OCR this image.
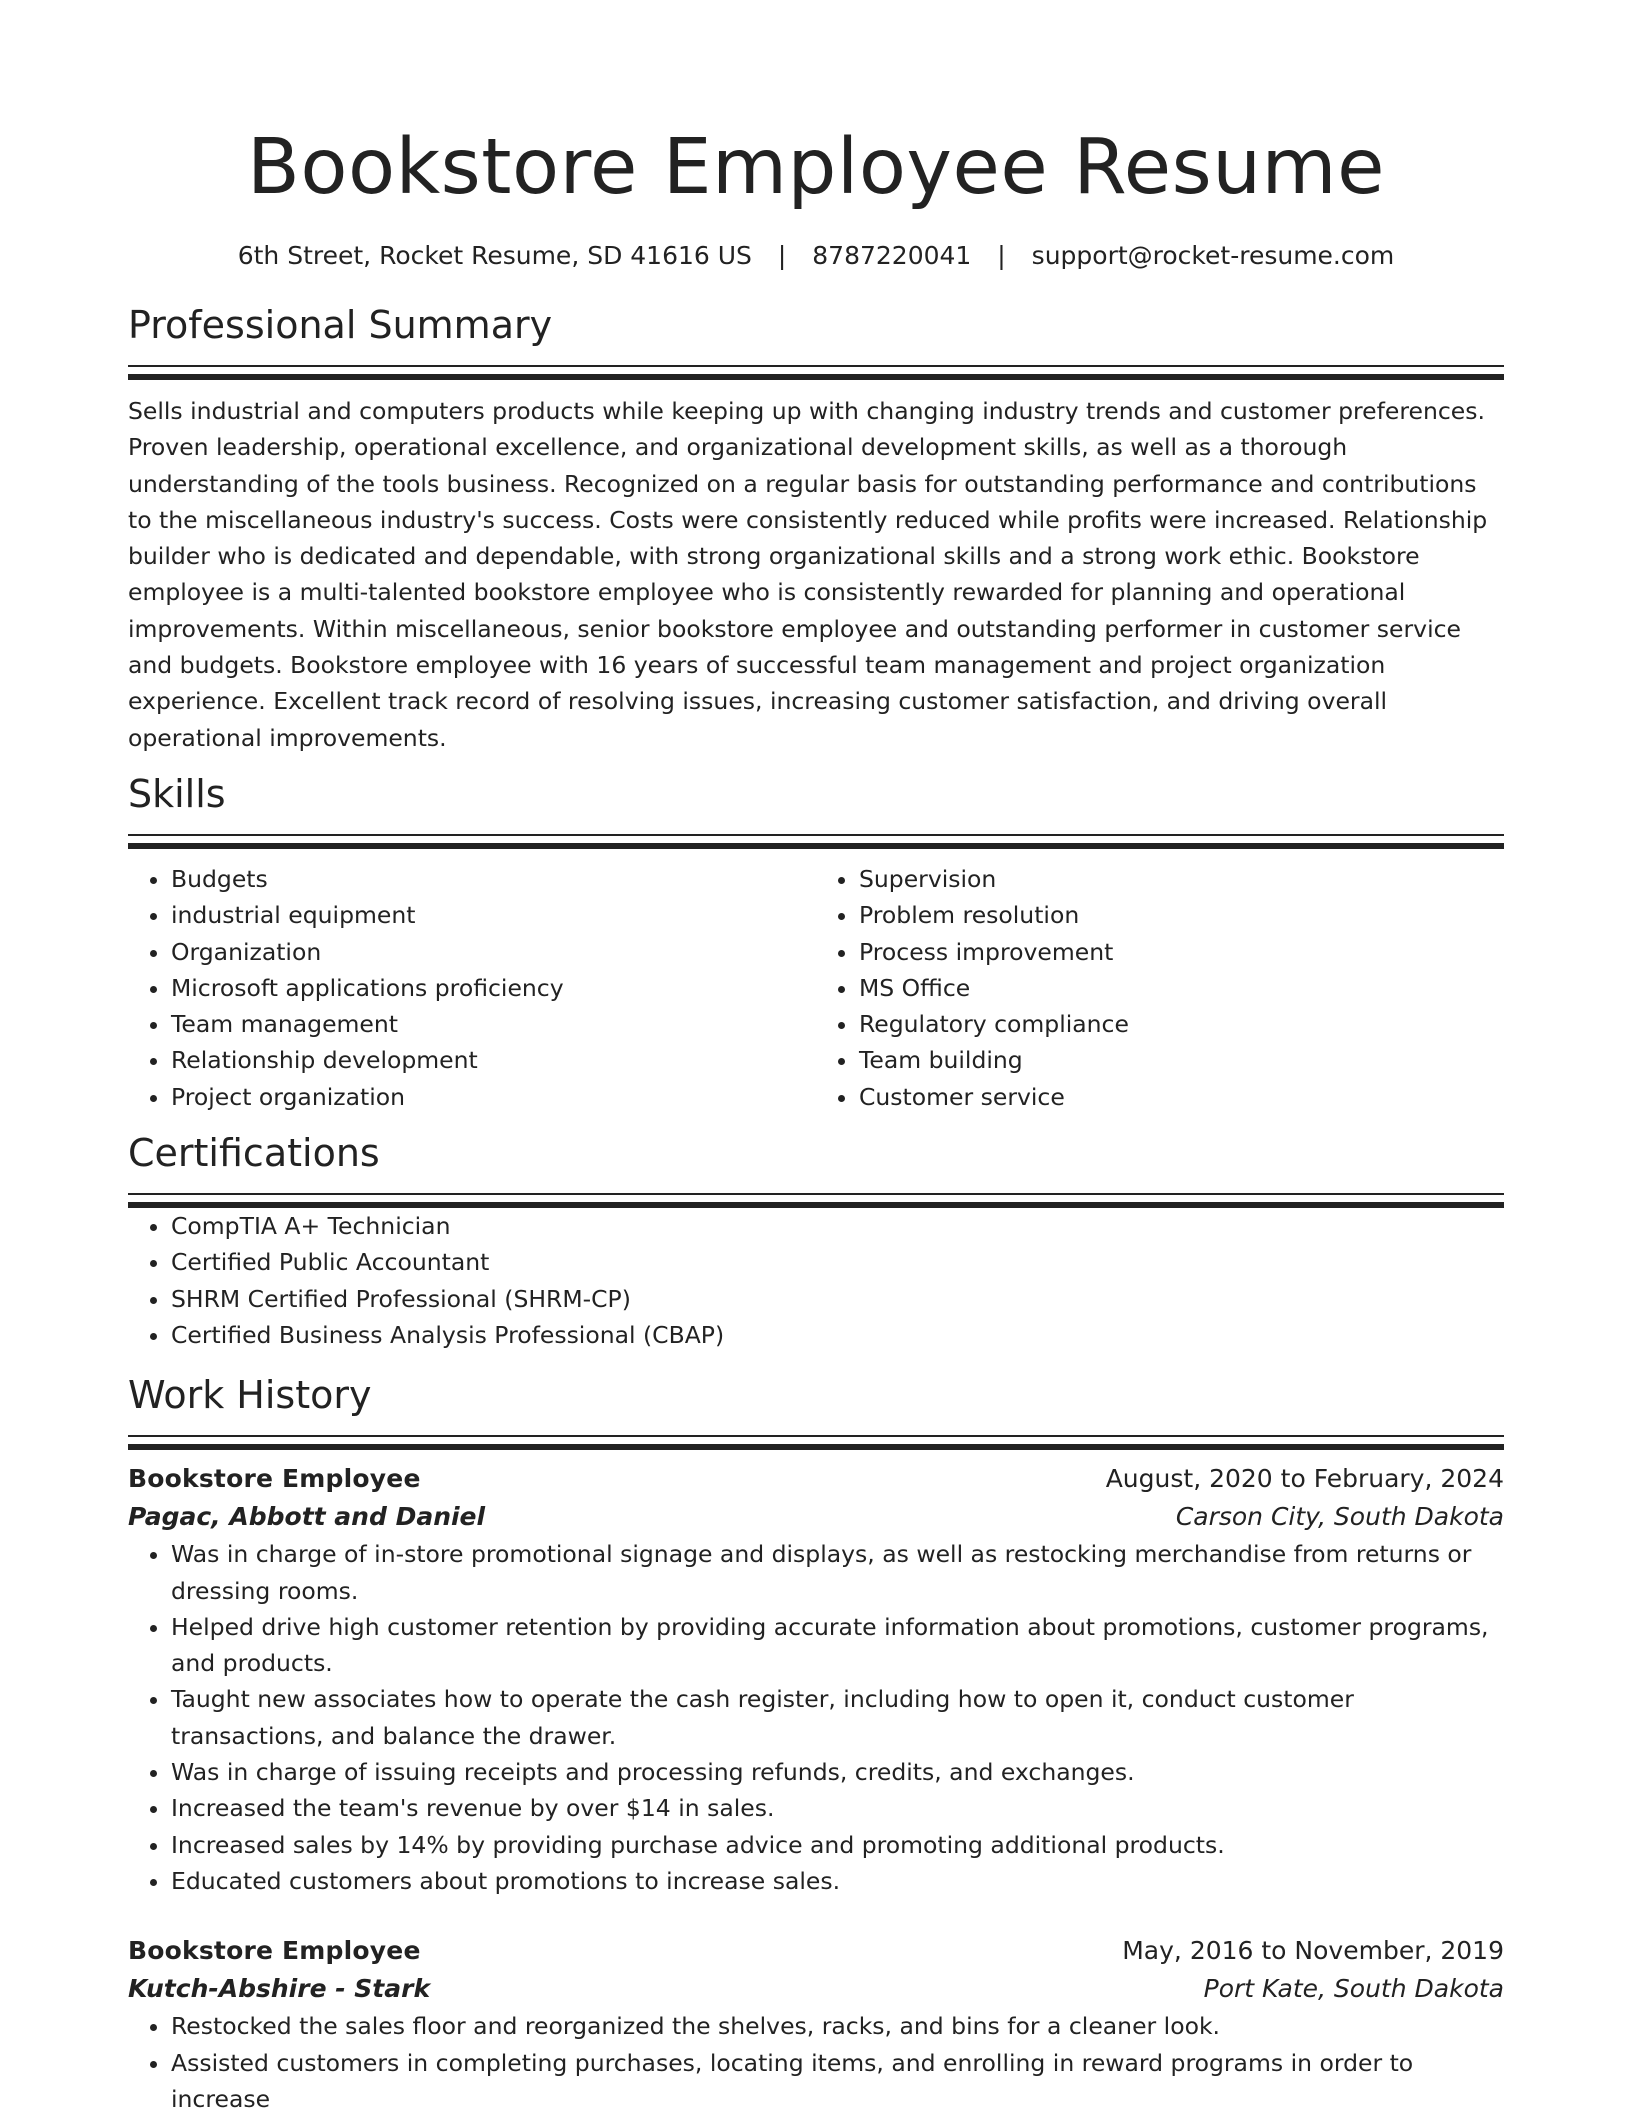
Bookstore Employee Resume
6th Street, Rocket Resume, SD 41616 US | 8787220041 | support@rocket-resume.com
Professional Summary

Sells industrial and computers products while keeping up with changing industry trends and customer preferences. Proven leadership, operational excellence, and organizational development skills, as well as a thorough understanding of the tools business. Recognized on a regular basis for outstanding performance and contributions to the miscellaneous industry's success. Costs were consistently reduced while profits were increased. Relationship builder who is dedicated and dependable, with strong organizational skills and a strong work ethic. Bookstore employee is a multi-talented bookstore employee who is consistently rewarded for planning and operational improvements. Within miscellaneous, senior bookstore employee and outstanding performer in customer service and budgets. Bookstore employee with 16 years of successful team management and project organization experience. Excellent track record of resolving issues, increasing customer satisfaction, and driving overall operational improvements.

Skills
• Budgets
• industrial equipment
• Organization
• Microsoft applications proficiency
• Team management
• Relationship development
• Project organization
• Supervision
• Problem resolution
• Process improvement
• MS Office
• Regulatory compliance
• Team building
• Customer service
Certifications
• CompTIA A+ Technician
• Certified Public Accountant
• SHRM Certified Professional (SHRM-CP)
• Certified Business Analysis Professional (CBAP)
Work History
Bookstore Employee	August, 2020 to February, 2024
Pagac, Abbott and Daniel	Carson City, South Dakota
• Was in charge of in-store promotional signage and displays, as well as restocking merchandise from returns or dressing rooms.
• Helped drive high customer retention by providing accurate information about promotions, customer programs, and products.
• Taught new associates how to operate the cash register, including how to open it, conduct customer transactions, and balance the drawer.
• Was in charge of issuing receipts and processing refunds, credits, and exchanges.
• Increased the team's revenue by over $14 in sales.
• Increased sales by 14% by providing purchase advice and promoting additional products.
• Educated customers about promotions to increase sales.
Bookstore Employee	May, 2016 to November, 2019
Kutch-Abshire - Stark	Port Kate, South Dakota
• Restocked the sales floor and reorganized the shelves, racks, and bins for a cleaner look.
• Assisted customers in completing purchases, locating items, and enrolling in reward programs in order to increase
